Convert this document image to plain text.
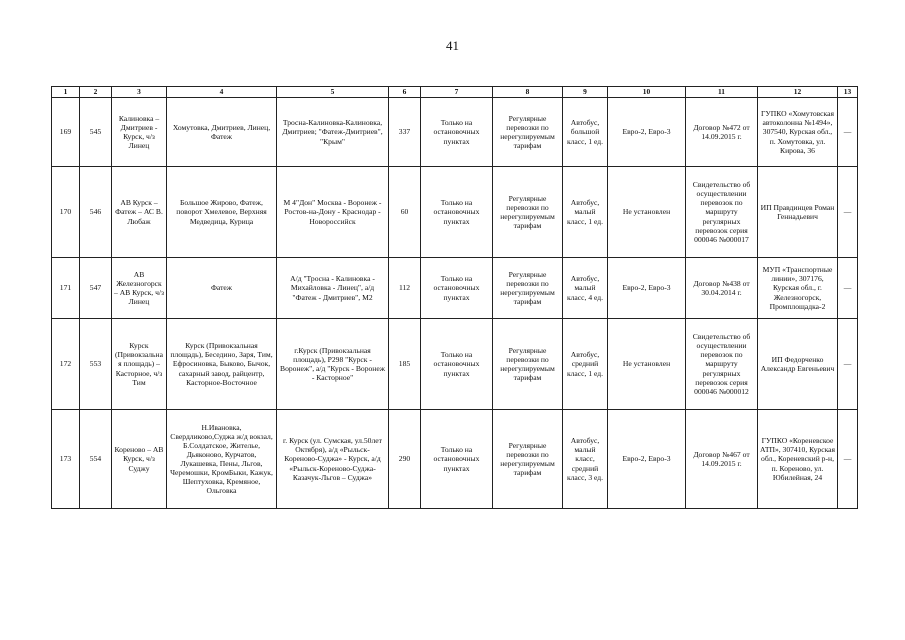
41
1	2	3	4	5	6	7	8	9	10	11	12	13
169	545	Калиновка – Дмитриев - Курск, ч/з Линец	Хомутовка, Дмитриев, Линец, Фатеж	Тросна-Калиновка-Калиновка, Дмитриев; "Фатеж-Дмитриев", "Крым"	337	Только на остановочных пунктах	Регулярные перевозки по нерегулируемым тарифам	Автобус, большой класс, 1 ед.	Евро-2, Евро-3	Договор №472 от 14.09.2015 г.	ГУПКО «Хомутовская автоколонна №1494», 307540, Курская обл., п. Хомутовка, ул. Кирова, 36	—
170	546	АВ Курск – Фатеж – АС В. Любаж	Большое Жирово, Фатеж, поворот Хмелевое, Верхняя Медведица, Курица	М 4"Дон" Москва - Воронеж - Ростов-на-Дону - Краснодар - Новороссийск	60	Только на остановочных пунктах	Регулярные перевозки по нерегулируемым тарифам	Автобус, малый класс, 1 ед.	Не установлен	Свидетельство об осуществлении перевозок по маршруту регулярных перевозок серия 000046 №000017	ИП Правдинцев Роман Геннадьевич	—
171	547	АВ Железногорск – АВ Курск, ч/з Линец	Фатеж	А/д "Тросна - Калиновка - Михайловка - Линец", а/д "Фатеж - Дмитриев", М2	112	Только на остановочных пунктах	Регулярные перевозки по нерегулируемым тарифам	Автобус, малый класс, 4 ед.	Евро-2, Евро-3	Договор №438 от 30.04.2014 г.	МУП «Транспортные линии», 307176, Курская обл., г. Железногорск, Промплощадка-2	—
172	553	Курск (Привокзальная площадь) – Касторное, ч/з Тим	Курск (Привокзальная площадь), Беседино, Заря, Тим, Ефросиновка, Быково, Бычок, сахарный завод, райцентр, Касторное-Восточное	г.Курск (Привокзальная площадь), Р298 "Курск - Воронеж", а/д "Курск - Воронеж - Касторное"	185	Только на остановочных пунктах	Регулярные перевозки по нерегулируемым тарифам	Автобус, средний класс, 1 ед.	Не установлен	Свидетельство об осуществлении перевозок по маршруту регулярных перевозок серия 000046 №000012	ИП Федорченко Александр Евгеньевич	—
173	554	Кореново – АВ Курск, ч/з Суджу	Н.Ивановка, Свердликово,Суджа ж/д вокзал, Б.Солдатское, Жителье, Дьяконово, Курчатов, Лукашевка, Пены, Льгов, Черемошки, КромБыки, Кажук, Шептуховка, Кремяное, Ольговка	г. Курск (ул. Сумская, ул.50лет Октября), а/д «Рыльск-Кореново-Суджа» - Курск, а/д «Рыльск-Кореново-Суджа-Казачук-Льгов – Суджа»	290	Только на остановочных пунктах	Регулярные перевозки по нерегулируемым тарифам	Автобус, малый класс, средний класс, 3 ед.	Евро-2, Евро-3	Договор №467 от 14.09.2015 г.	ГУПКО «Кореневское АТП», 307410, Курская обл., Кореневский р-н, п. Кореново, ул. Юбилейная, 24	—
